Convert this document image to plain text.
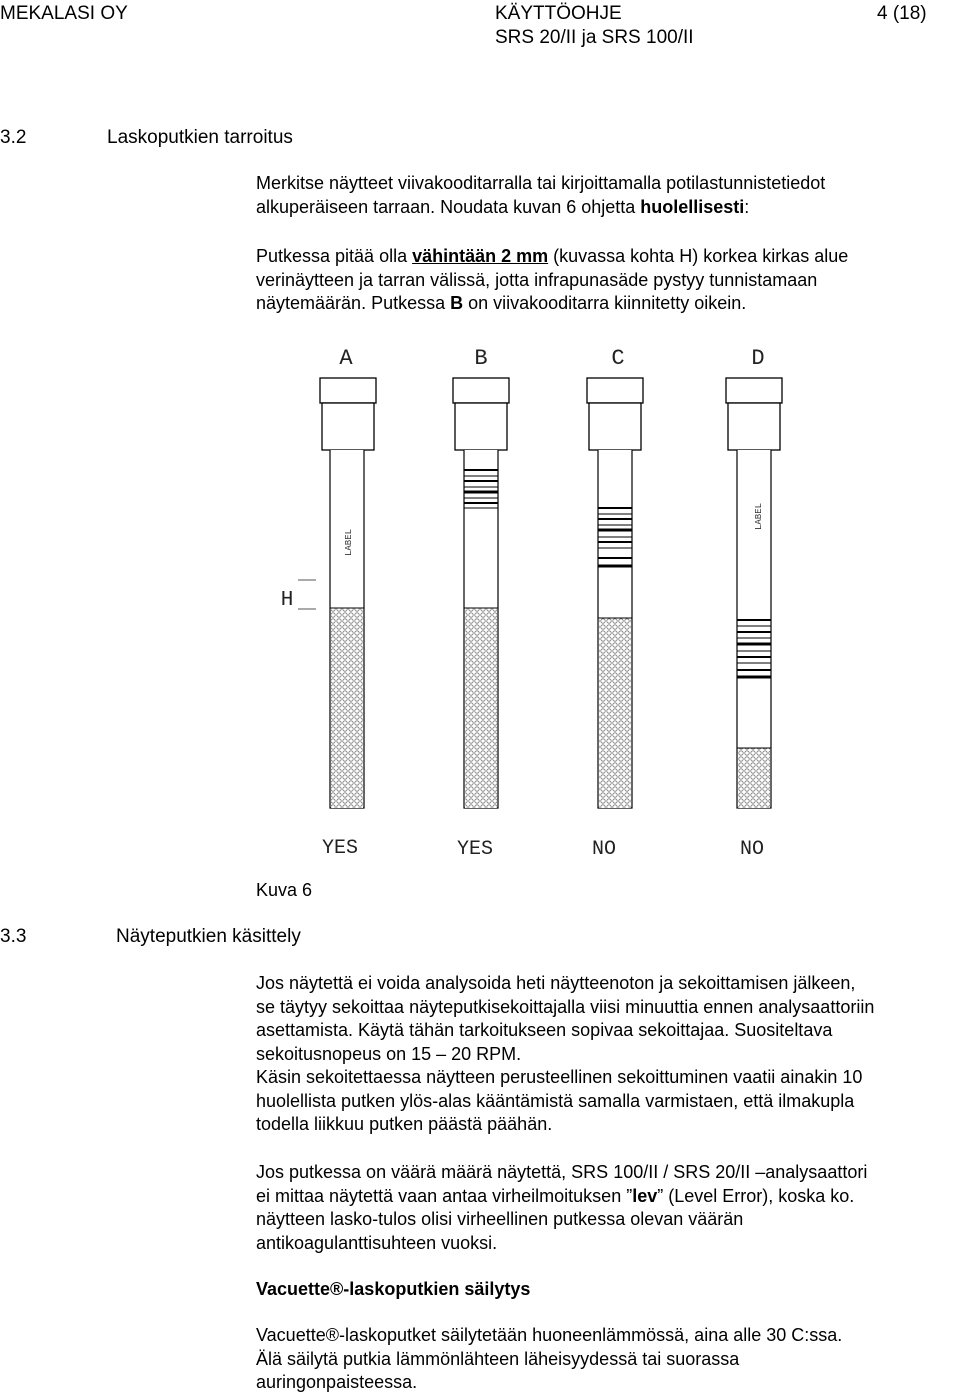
MEKALASI OY	KÄYTTÖOHJE
SRS 20/II ja SRS 100/II
4 (18)
3.2	Laskoputkien tarroitus
Merkitse näytteet viivakooditarralla tai kirjoittamalla potilastunnistetiedot
alkuperäiseen tarraan. Noudata kuvan 6 ohjetta huolellisesti:
Putkessa pitää olla vähintään 2 mm (kuvassa kohta H) korkea kirkas alue
verinäytteen ja tarran välissä, jotta infrapunasäde pystyy tunnistamaan
näytemäärän. Putkessa B on viivakooditarra kiinnitetty oikein.
A	B	C	D
LABEL
LABEL
H
YES	YES	NO	NO
Kuva 6
3.3	Näyteputkien käsittely
Jos näytettä ei voida analysoida heti näytteenoton ja sekoittamisen jälkeen,
se täytyy sekoittaa näyteputkisekoittajalla viisi minuuttia ennen analysaattoriin
asettamista. Käytä tähän tarkoitukseen sopivaa sekoittajaa. Suositeltava
sekoitusnopeus on 15 – 20 RPM.
Käsin sekoitettaessa näytteen perusteellinen sekoittuminen vaatii ainakin 10
huolellista putken ylös-alas kääntämistä samalla varmistaen, että ilmakupla
todella liikkuu putken päästä päähän.
Jos putkessa on väärä määrä näytettä, SRS 100/II / SRS 20/II –analysaattori
ei mittaa näytettä vaan antaa virheilmoituksen ”lev” (Level Error), koska ko.
näytteen lasko-tulos olisi virheellinen putkessa olevan väärän
antikoagulanttisuhteen vuoksi.
Vacuette®-laskoputkien säilytys
Vacuette®-laskoputket säilytetään huoneenlämmössä, aina alle 30 C:ssa.
Älä säilytä putkia lämmönlähteen läheisyydessä tai suorassa
auringonpaisteessa.
